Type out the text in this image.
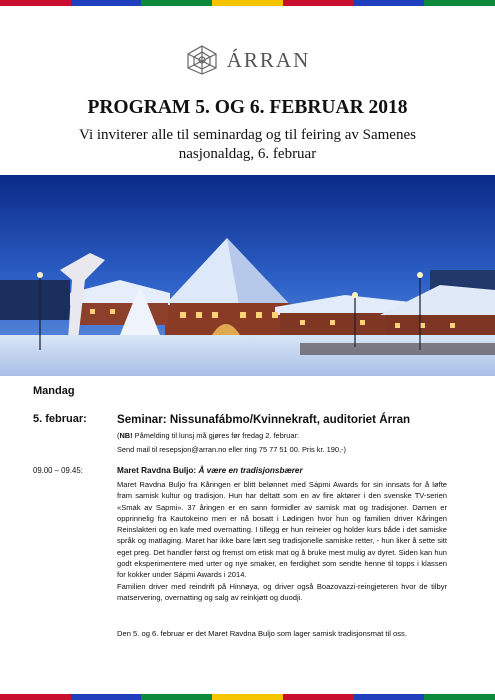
ÁRRAN
PROGRAM 5. OG 6. FEBRUAR 2018
Vi inviterer alle til seminardag og til feiring av Samenes nasjonaldag, 6. februar
Mandag
5. februar:	Seminar: Nissunafábmo/Kvinnekraft, auditoriet Árran
(NB! Påmelding til lunsj må gjøres før fredag 2. februar:
Send mail til resepsjon@arran.no eller ring 75 77 51 00. Pris kr. 190,-)
09.00 – 09.45:	Maret Ravdna Buljo: Å være en tradisjonsbærer

Maret Ravdna Buljo fra Kåringen er blitt belønnet med Sápmi Awards for sin innsats for å løfte fram samisk kultur og tradisjon. Hun har deltatt som en av fire aktører i den svenske TV-serien «Smak av Sapmi». 37 åringen er en sann formidler av samisk mat og tradisjoner. Damen er opprinnelig fra Kautokeino men er nå bosatt i Lødingen hvor hun og familien driver Kåringen Reinslakteri og en kafe med overnatting. I tillegg er hun reineier og holder kurs både i det samiske språk og matlaging. Maret har ikke bare lært seg tradisjonelle samiske retter, - hun liker å sette sitt eget preg. Det handler først og fremst om etisk mat og å bruke mest mulig av dyret. Siden kan hun godt eksperimentere med urter og nye smaker, en ferdighet som sendte henne til topps i klassen for kokker under Sápmi Awards i 2014.

Familien driver med reindrift på Hinnøya, og driver også Boazovazzi-reingjeteren hvor de tilbyr matservering, overnatting og salg av reinkjøtt og duodji.

Den 5. og 6. februar er det Maret Ravdna Buljo som lager samisk tradisjonsmat til oss.
